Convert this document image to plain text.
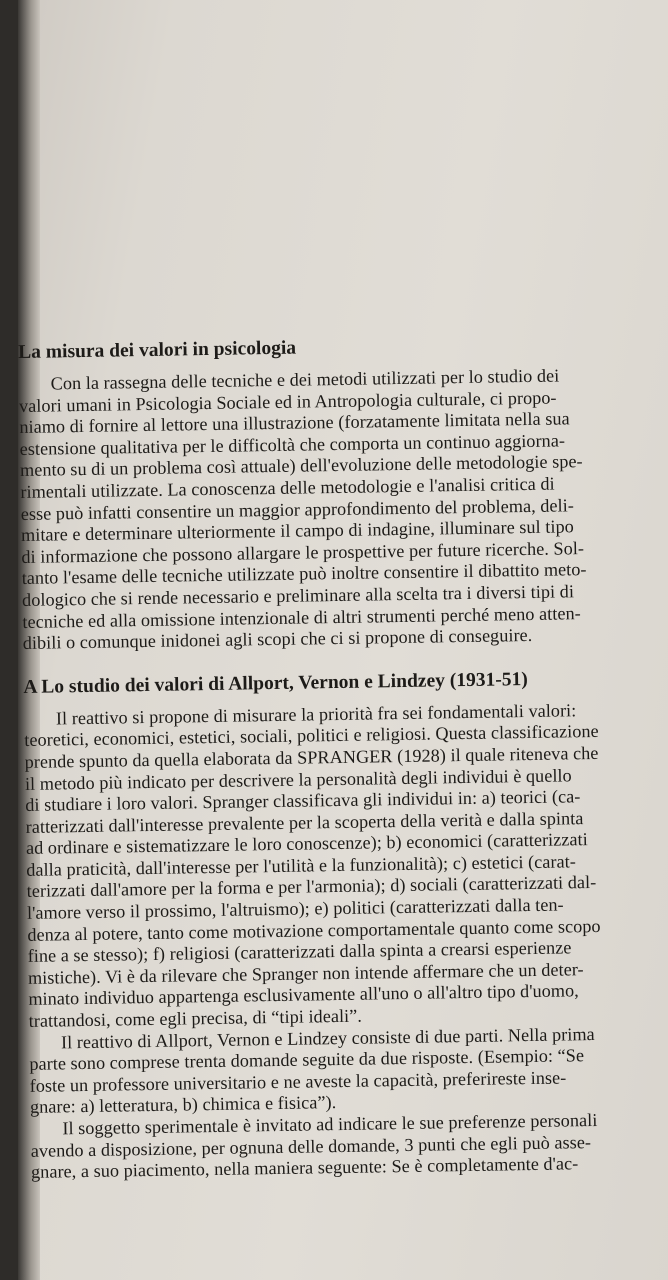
La misura dei valori in psicologia
Con la rassegna delle tecniche e dei metodi utilizzati per lo studio dei
valori umani in Psicologia Sociale ed in Antropologia culturale, ci propo-
niamo di fornire al lettore una illustrazione (forzatamente limitata nella sua
estensione qualitativa per le difficoltà che comporta un continuo aggiorna-
mento su di un problema così attuale) dell'evoluzione delle metodologie spe-
rimentali utilizzate. La conoscenza delle metodologie e l'analisi critica di
esse può infatti consentire un maggior approfondimento del problema, deli-
mitare e determinare ulteriormente il campo di indagine, illuminare sul tipo
di informazione che possono allargare le prospettive per future ricerche. Sol-
tanto l'esame delle tecniche utilizzate può inoltre consentire il dibattito meto-
dologico che si rende necessario e preliminare alla scelta tra i diversi tipi di
tecniche ed alla omissione intenzionale di altri strumenti perché meno atten-
dibili o comunque inidonei agli scopi che ci si propone di conseguire.
A Lo studio dei valori di Allport, Vernon e Lindzey (1931-51)
Il reattivo si propone di misurare la priorità fra sei fondamentali valori:
teoretici, economici, estetici, sociali, politici e religiosi. Questa classificazione
prende spunto da quella elaborata da SPRANGER (1928) il quale riteneva che
il metodo più indicato per descrivere la personalità degli individui è quello
di studiare i loro valori. Spranger classificava gli individui in: a) teorici (ca-
ratterizzati dall'interesse prevalente per la scoperta della verità e dalla spinta
ad ordinare e sistematizzare le loro conoscenze); b) economici (caratterizzati
dalla praticità, dall'interesse per l'utilità e la funzionalità); c) estetici (carat-
terizzati dall'amore per la forma e per l'armonia); d) sociali (caratterizzati dal-
l'amore verso il prossimo, l'altruismo); e) politici (caratterizzati dalla ten-
denza al potere, tanto come motivazione comportamentale quanto come scopo
fine a se stesso); f) religiosi (caratterizzati dalla spinta a crearsi esperienze
mistiche). Vi è da rilevare che Spranger non intende affermare che un deter-
minato individuo appartenga esclusivamente all'uno o all'altro tipo d'uomo,
trattandosi, come egli precisa, di “tipi ideali”.
Il reattivo di Allport, Vernon e Lindzey consiste di due parti. Nella prima
parte sono comprese trenta domande seguite da due risposte. (Esempio: “Se
foste un professore universitario e ne aveste la capacità, preferireste inse-
gnare: a) letteratura, b) chimica e fisica”).
Il soggetto sperimentale è invitato ad indicare le sue preferenze personali
avendo a disposizione, per ognuna delle domande, 3 punti che egli può asse-
gnare, a suo piacimento, nella maniera seguente: Se è completamente d'ac-
